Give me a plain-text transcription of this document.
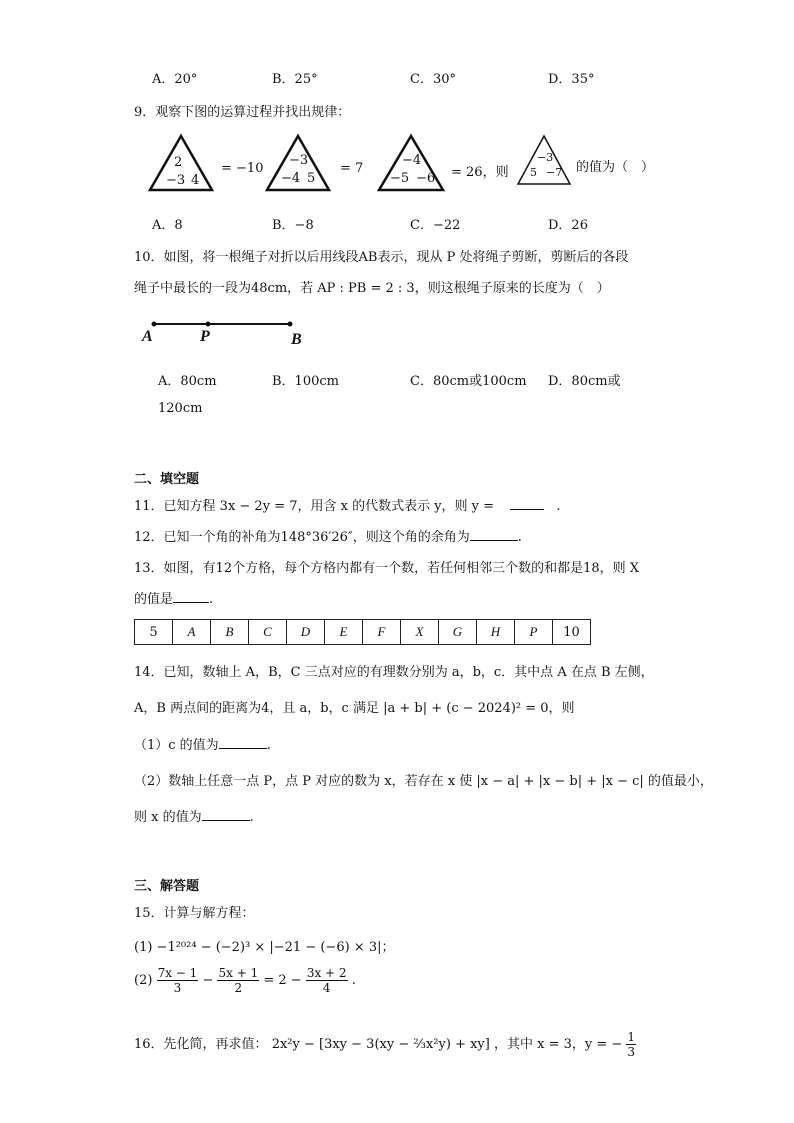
A．20°	B．25°	C．30°	D．35°
9．观察下图的运算过程并找出规律：
2
−3 4
= −10
−3
−4 5
= 7
−4
−5 −6 = 26，则
−3
5 −7 的值为（　）
A．8	B．−8	C．−22	D．26
10．如图，将一根绳子对折以后用线段AB表示，现从 P 处将绳子剪断，剪断后的各段
绳子中最长的一段为48cm，若 AP : PB = 2 : 3，则这根绳子原来的长度为（　）
A	P	B
A．80cm	B．100cm	C．80cm或100cm D．80cm或
120cm
二、填空题
11．已知方程 3x − 2y = 7，用含 x 的代数式表示 y，则 y =	.
12．已知一个角的补角为148°36′26″，则这个角的余角为	.
13．如图，有12个方格，每个方格内都有一个数，若任何相邻三个数的和都是18，则 X
的值是	.
5	A	B	C	D	E	F	X	G	H	P	10
14．已知，数轴上 A，B，C 三点对应的有理数分别为 a，b，c．其中点 A 在点 B 左侧，
A，B 两点间的距离为4，且 a，b，c 满足 |a + b| + (c − 2024)² = 0，则
（1）c 的值为	.
（2）数轴上任意一点 P，点 P 对应的数为 x，若存在 x 使 |x − a| + |x − b| + |x − c| 的值最小，
则 x 的值为	.
三、解答题
15．计算与解方程：
(1) −1²⁰²⁴ − (−2)³ × |−21 − (−6) × 3|；
$(2) \frac{7x - 1}{3} - \frac{5x + 1}{2} = 2 - \frac{3x + 2}{4}$ .
16．先化简，再求值： 2x²y − [3xy − 3(xy − ⅔x²y) + xy] ，其中 x = 3，y = − $\frac{1}{3}$
